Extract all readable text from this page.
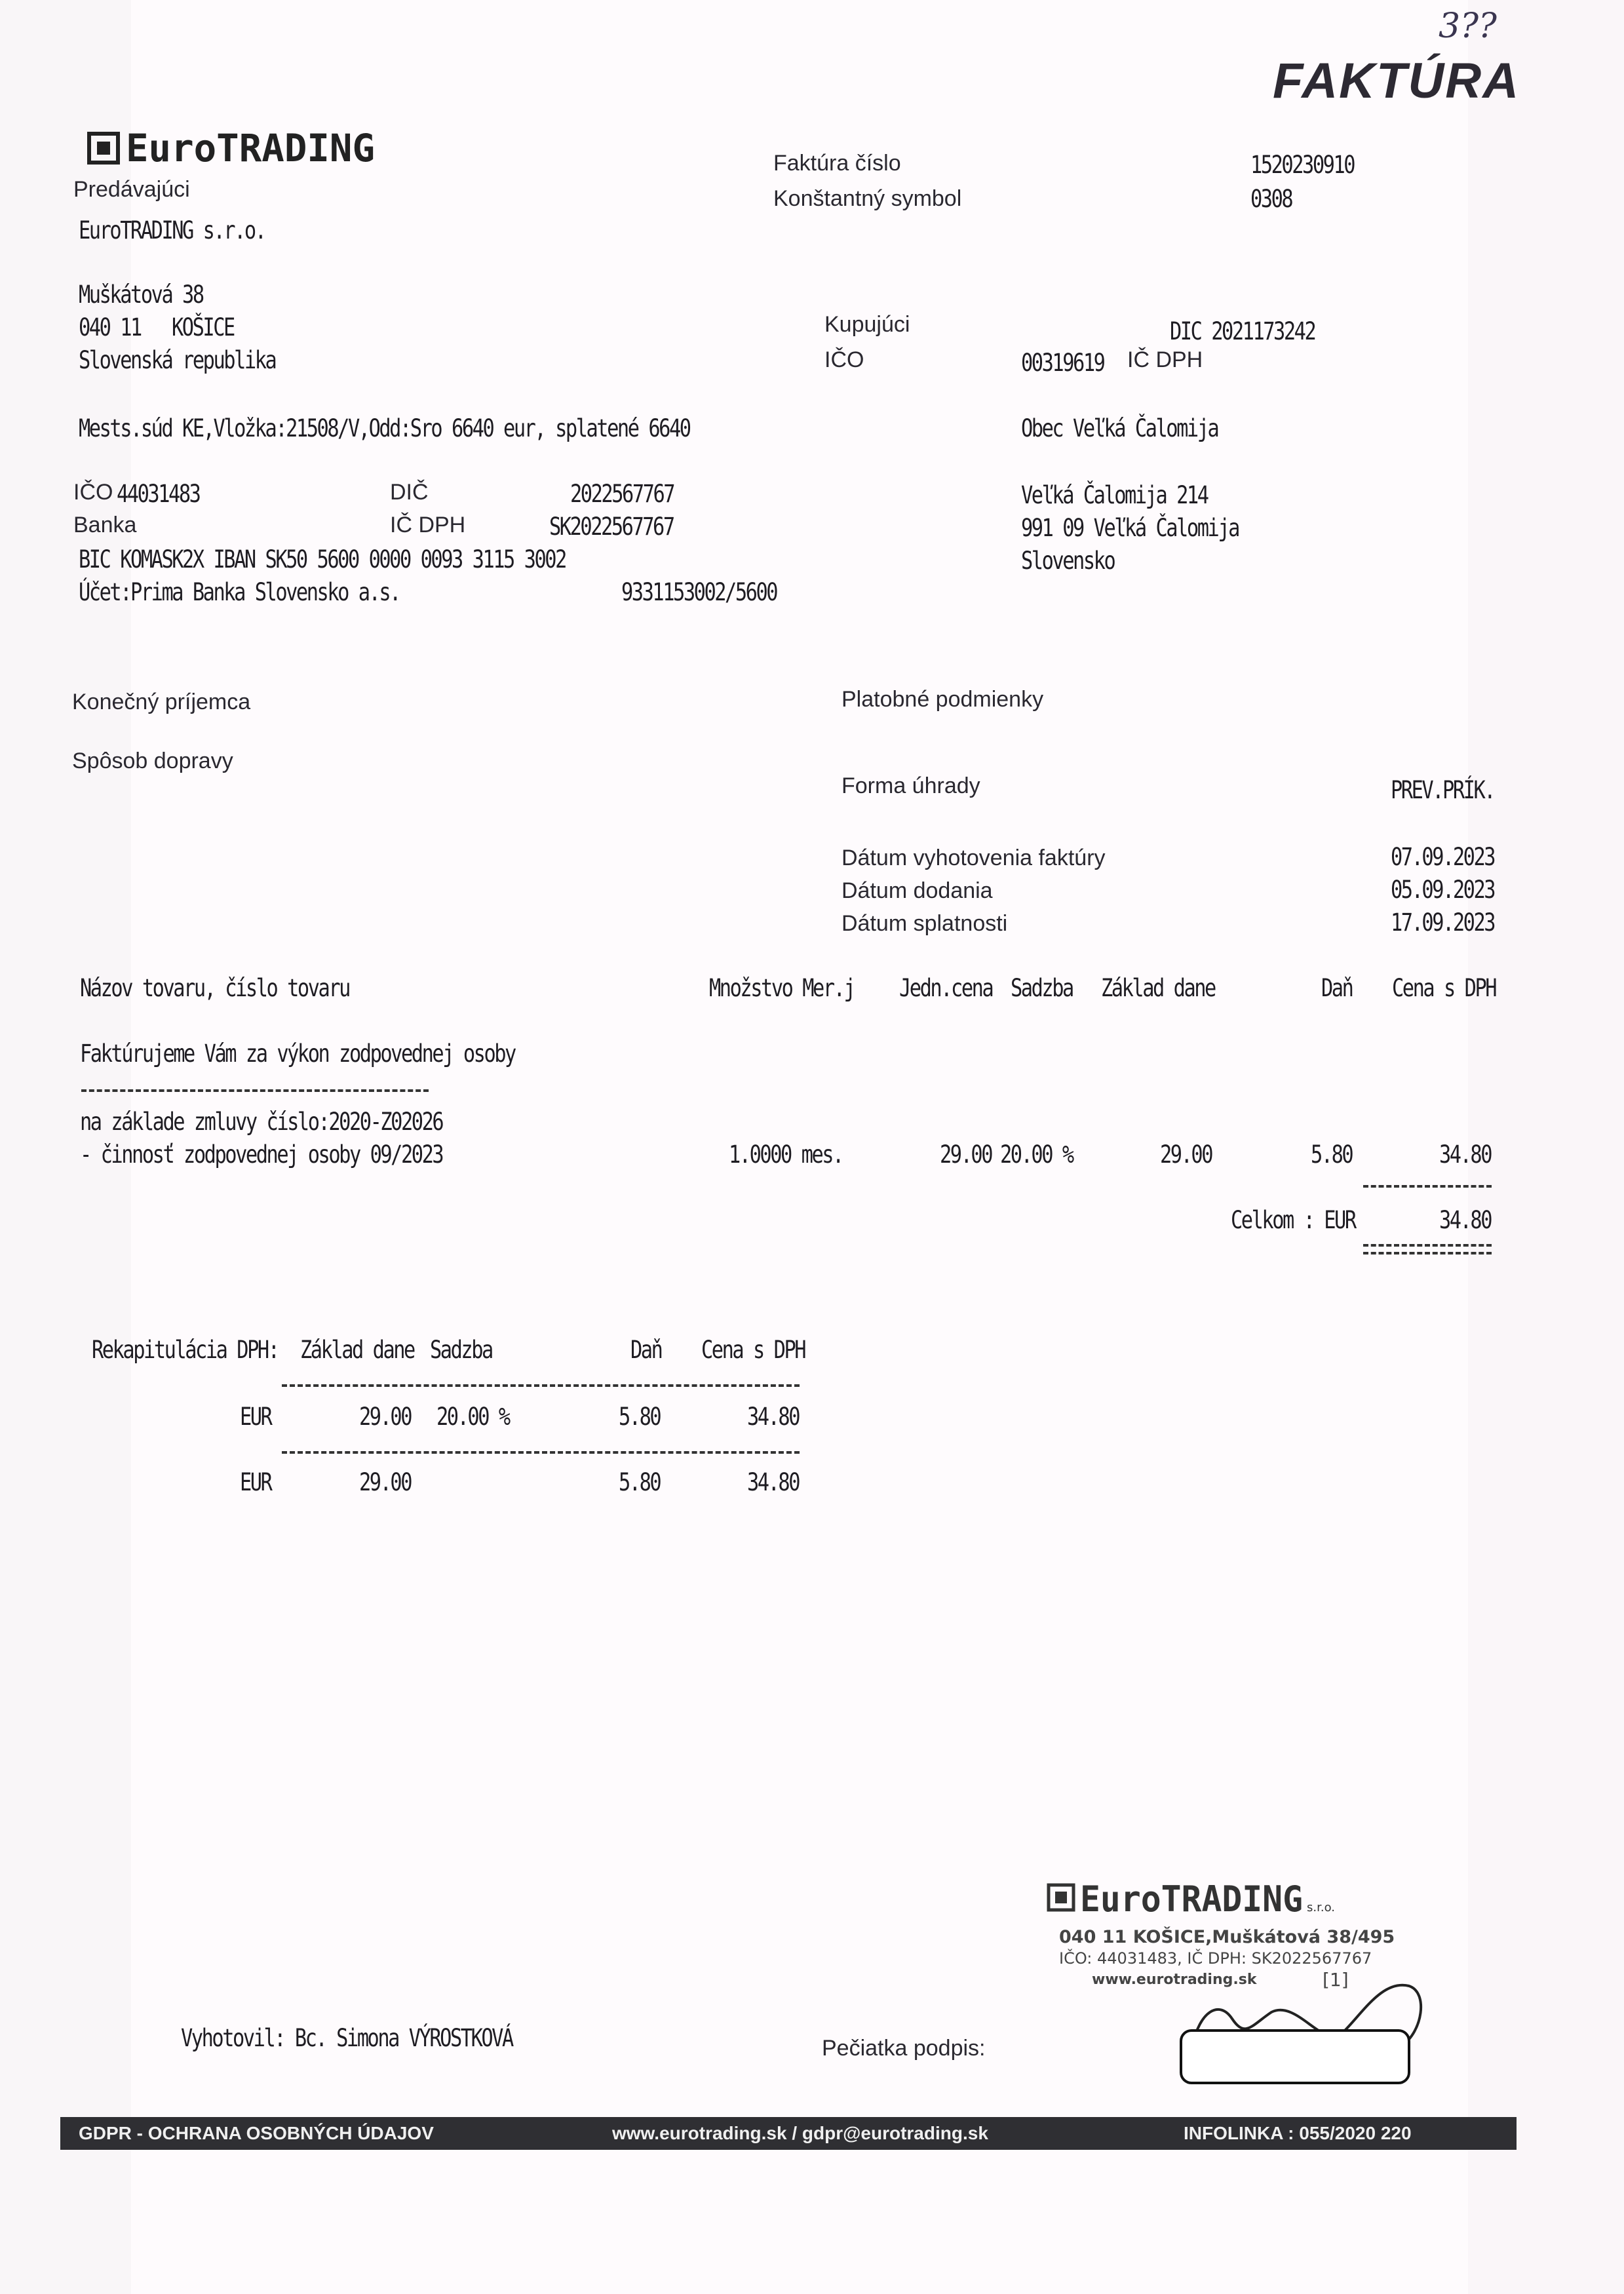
3??
FAKTÚRA
EuroTRADING
Predávajúci
EuroTRADING s.r.o.
Muškátová 38
040 11 KOŠICE
Slovenská republika
Mests.súd KE,Vložka:21508/V,Odd:Sro 6640 eur, splatené 6640
IČO 44031483	DIČ	2022567767
Banka	IČ DPH	SK2022567767
BIC KOMASK2X IBAN SK50 5600 0000 0093 3115 3002
Účet:Prima Banka Slovensko a.s.	9331153002/5600
Faktúra číslo	1520230910
Konštantný symbol	0308
Kupujúci	DIC 2021173242
IČO	00319619 IČ DPH
Obec Veľká Čalomija
Veľká Čalomija 214
991 09 Veľká Čalomija
Slovensko
Konečný príjemca
Spôsob dopravy
Platobné podmienky
Forma úhrady	PREV.PRÍK.
Dátum vyhotovenia faktúry	07.09.2023
Dátum dodania	05.09.2023
Dátum splatnosti	17.09.2023
Názov tovaru, číslo tovaru	Množstvo Mer.j Jedn.cena Sadzba Základ dane	Daň Cena s DPH
Faktúrujeme Vám za výkon zodpovednej osoby
na základe zmluvy číslo:2020-Z02026
- činnosť zodpovednej osoby 09/2023	1.0000 mes.	29.00 20.00 %	29.00	5.80	34.80
Celkom : EUR	34.80
Rekapitulácia DPH: Základ dane Sadzba	Daň Cena s DPH
EUR	29.00 20.00 %	5.80	34.80
EUR	29.00	5.80	34.80
EuroTRADING s.r.o.
040 11 KOŠICE,Muškátová 38/495
IČO: 44031483, IČ DPH: SK2022567767
www.eurotrading.sk	[1]
Vyhotovil: Bc. Simona VÝROSTKOVÁ	Pečiatka podpis:
GDPR - OCHRANA OSOBNÝCH ÚDAJOV	www.eurotrading.sk / gdpr@eurotrading.sk	INFOLINKA : 055/2020 220
